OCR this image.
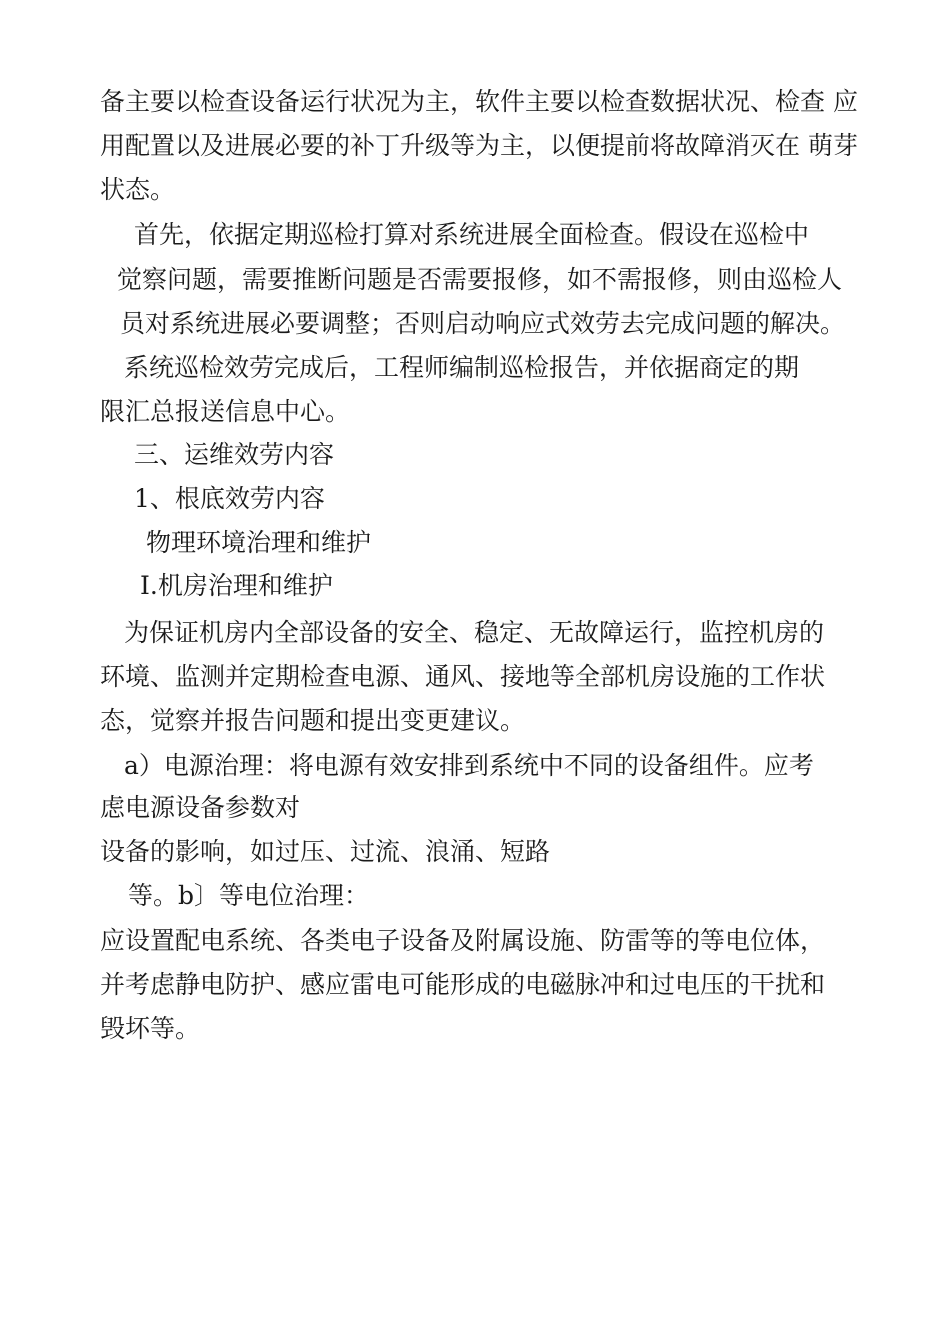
备主要以检查设备运行状况为主，软件主要以检查数据状况、检查 应
用配置以及进展必要的补丁升级等为主，以便提前将故障消灭在 萌芽
状态。
首先，依据定期巡检打算对系统进展全面检查。假设在巡检中
觉察问题，需要推断问题是否需要报修，如不需报修，则由巡检人
员对系统进展必要调整；否则启动响应式效劳去完成问题的解决。
系统巡检效劳完成后，工程师编制巡检报告，并依据商定的期
限汇总报送信息中心。
三、运维效劳内容
1、根底效劳内容
物理环境治理和维护
Ⅰ.机房治理和维护
为保证机房内全部设备的安全、稳定、无故障运行，监控机房的
环境、监测并定期检查电源、通风、接地等全部机房设施的工作状
态，觉察并报告问题和提出变更建议。
a）电源治理：将电源有效安排到系统中不同的设备组件。应考
虑电源设备参数对
设备的影响，如过压、过流、浪涌、短路
等。b〕等电位治理：
应设置配电系统、各类电子设备及附属设施、防雷等的等电位体，
并考虑静电防护、感应雷电可能形成的电磁脉冲和过电压的干扰和
毁坏等。
